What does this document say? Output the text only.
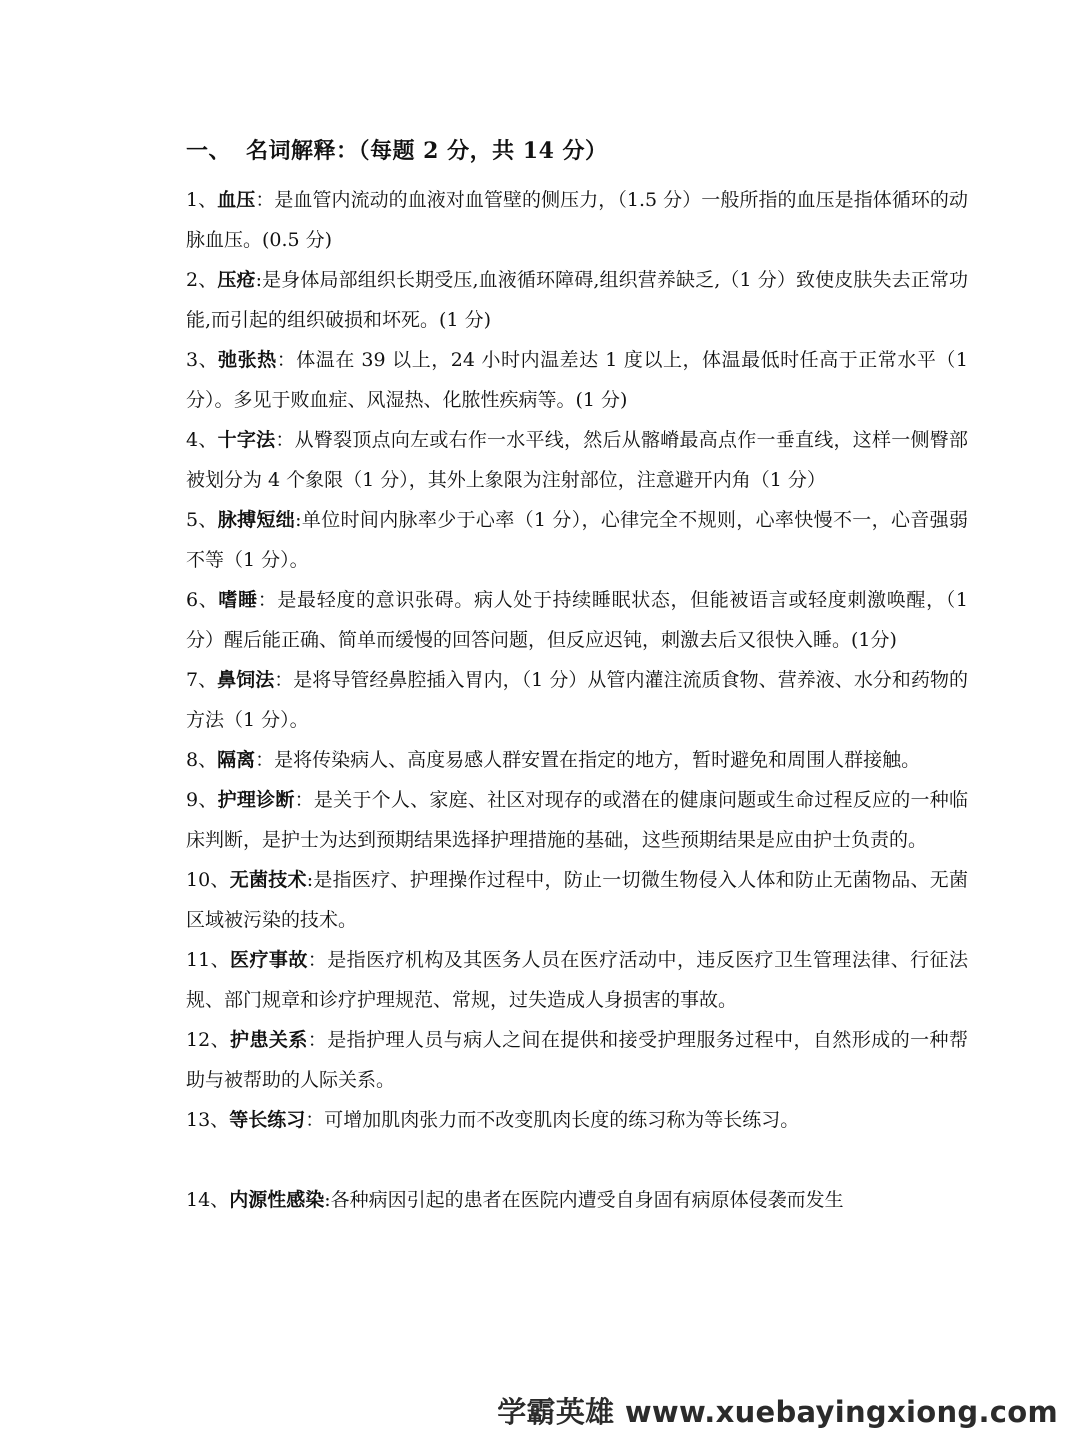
一、 名词解释：（每题 2 分，共 14 分）
1、血压：是血管内流动的血液对血管壁的侧压力，（1.5 分）一般所指的血压是指体循环的动脉血压。(0.5 分)
2、压疮:是身体局部组织长期受压,血液循环障碍,组织营养缺乏,（1 分）致使皮肤失去正常功能,而引起的组织破损和坏死。(1 分)
3、弛张热：体温在 39 以上，24 小时内温差达 1 度以上，体温最低时任高于正常水平（1分）。多见于败血症、风湿热、化脓性疾病等。(1 分)
4、十字法：从臀裂顶点向左或右作一水平线，然后从髂嵴最高点作一垂直线，这样一侧臀部被划分为 4 个象限（1 分），其外上象限为注射部位，注意避开内角（1 分）
5、脉搏短绌:单位时间内脉率少于心率（1 分），心律完全不规则，心率快慢不一，心音强弱不等（1 分）。
6、嗜睡：是最轻度的意识张碍。病人处于持续睡眠状态，但能被语言或轻度刺激唤醒，（1 分）醒后能正确、简单而缓慢的回答问题，但反应迟钝，刺激去后又很快入睡。(1分)
7、鼻饲法：是将导管经鼻腔插入胃内，（1 分）从管内灌注流质食物、营养液、水分和药物的方法（1 分）。
8、隔离：是将传染病人、高度易感人群安置在指定的地方，暂时避免和周围人群接触。
9、护理诊断：是关于个人、家庭、社区对现存的或潜在的健康问题或生命过程反应的一种临床判断，是护士为达到预期结果选择护理措施的基础，这些预期结果是应由护士负责的。
10、无菌技术:是指医疗、护理操作过程中，防止一切微生物侵入人体和防止无菌物品、无菌区域被污染的技术。
11、医疗事故：是指医疗机构及其医务人员在医疗活动中，违反医疗卫生管理法律、行征法规、部门规章和诊疗护理规范、常规，过失造成人身损害的事故。
12、护患关系：是指护理人员与病人之间在提供和接受护理服务过程中，自然形成的一种帮助与被帮助的人际关系。
13、等长练习：可增加肌肉张力而不改变肌肉长度的练习称为等长练习。
14、内源性感染:各种病因引起的患者在医院内遭受自身固有病原体侵袭而发生
学霸英雄 www.xuebayingxiong.com
